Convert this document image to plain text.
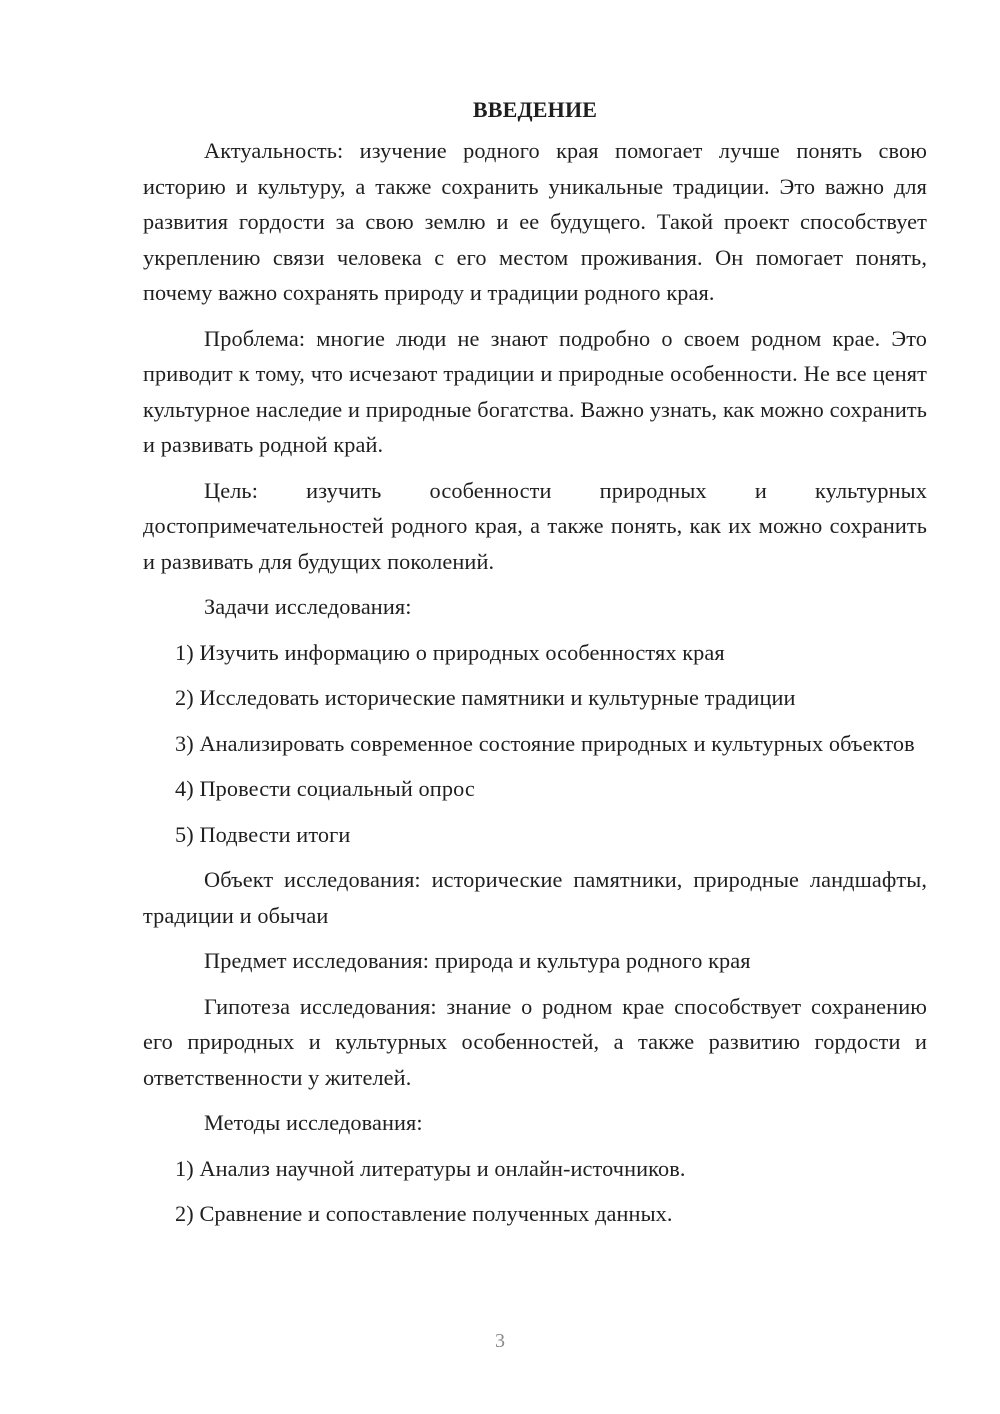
ВВЕДЕНИЕ

Актуальность: изучение родного края помогает лучше понять свою историю и культуру, а также сохранить уникальные традиции. Это важно для развития гордости за свою землю и ее будущего. Такой проект способствует укреплению связи человека с его местом проживания. Он помогает понять, почему важно сохранять природу и традиции родного края.

Проблема: многие люди не знают подробно о своем родном крае. Это приводит к тому, что исчезают традиции и природные особенности. Не все ценят культурное наследие и природные богатства. Важно узнать, как можно сохранить и развивать родной край.

Цель: изучить особенности природных и культурных достопримечательностей родного края, а также понять, как их можно сохранить и развивать для будущих поколений.

Задачи исследования:

1) Изучить информацию о природных особенностях края

2) Исследовать исторические памятники и культурные традиции

3) Анализировать современное состояние природных и культурных объектов

4) Провести социальный опрос

5) Подвести итоги

Объект исследования: исторические памятники, природные ландшафты, традиции и обычаи

Предмет исследования: природа и культура родного края

Гипотеза исследования: знание о родном крае способствует сохранению его природных и культурных особенностей, а также развитию гордости и ответственности у жителей.

Методы исследования:

1) Анализ научной литературы и онлайн-источников.

2) Сравнение и сопоставление полученных данных.

3
